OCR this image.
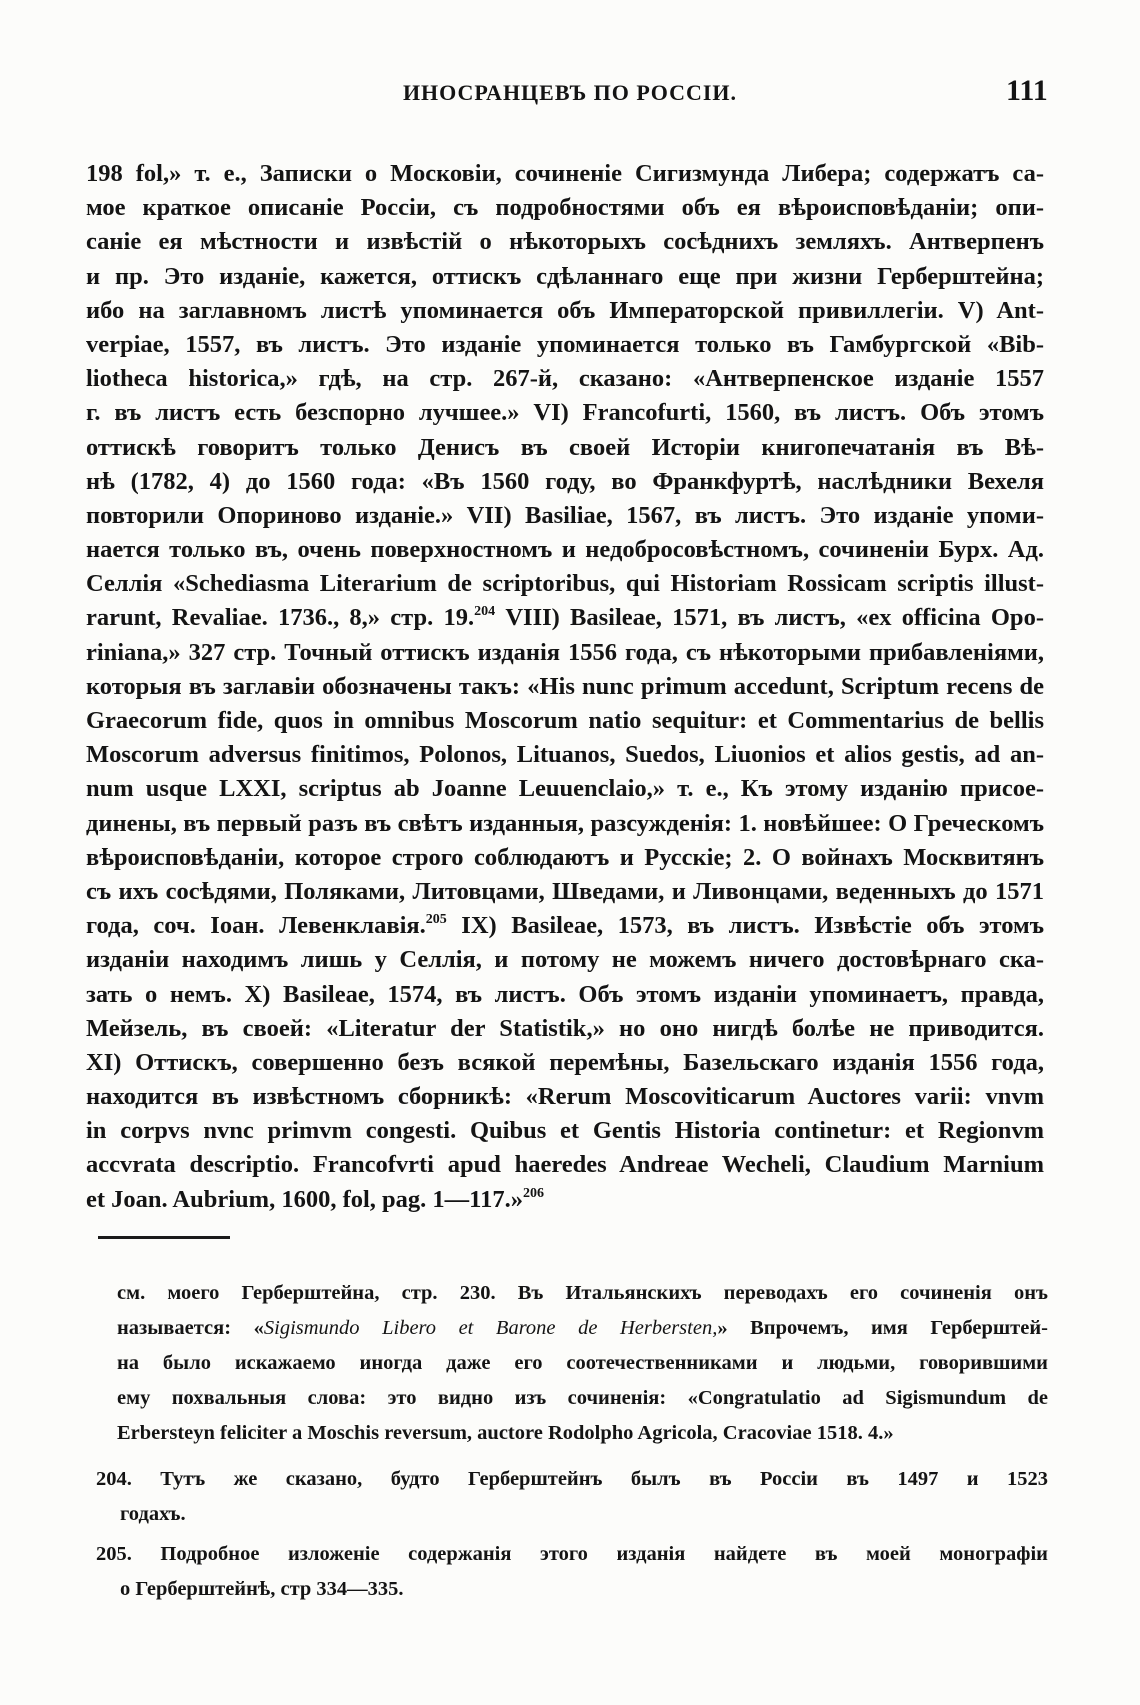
ИНОСРАНЦЕВЪ ПО РОССІИ.	111
198 fol,» т. е., Записки о Московіи, сочиненіе Сигизмунда Либера; содержатъ са-
мое краткое описаніе Россіи, съ подробностями объ ея вѣроисповѣданіи; опи-
саніе ея мѣстности и извѣстій о нѣкоторыхъ сосѣднихъ земляхъ. Антверпенъ
и пр. Это изданіе, кажется, оттискъ сдѣланнаго еще при жизни Герберштейна;
ибо на заглавномъ листѣ упоминается объ Императорской привиллегіи. V) Ant-
verpiae, 1557, въ листъ. Это изданіе упоминается только въ Гамбургской «Bib-
liotheca historica,» гдѣ, на стр. 267-й, сказано: «Антверпенское изданіе 1557
г. въ листъ есть безспорно лучшее.» VI) Francofurti, 1560, въ листъ. Объ этомъ
оттискѣ говоритъ только Денисъ въ своей Исторіи книгопечатанія въ Вѣ-
нѣ (1782, 4) до 1560 года: «Въ 1560 году, во Франкфуртѣ, наслѣдники Вехеля
повторили Опориново изданіе.» VII) Basiliae, 1567, въ листъ. Это изданіе упоми-
нается только въ, очень поверхностномъ и недобросовѣстномъ, сочиненіи Бурх. Ад.
Селлія «Schediasma Literarium de scriptoribus, qui Historiam Rossicam scriptis illust-
rarunt, Revaliae. 1736., 8,» стр. 19.$^{204}$ VIII) Basileae, 1571, въ листъ, «ex officina Opo-
riniana,» 327 стр. Точный оттискъ изданія 1556 года, съ нѣкоторыми прибавленіями,
которыя въ заглавіи обозначены такъ: «His nunc primum accedunt, Scriptum recens de
Graecorum fide, quos in omnibus Moscorum natio sequitur: et Commentarius de bellis
Moscorum adversus finitimos, Polonos, Lituanos, Suedos, Liuonios et alios gestis, ad an-
num usque LXXI, scriptus ab Joanne Leuuenclaio,» т. е., Къ этому изданію присое-
динены, въ первый разъ въ свѣтъ изданныя, разсужденія: 1. новѣйшее: О Греческомъ
вѣроисповѣданіи, которое строго соблюдаютъ и Русскіе; 2. О войнахъ Москвитянъ
съ ихъ сосѣдями, Поляками, Литовцами, Шведами, и Ливонцами, веденныхъ до 1571
года, соч. Іоан. Левенклавія.$^{205}$ IX) Basileae, 1573, въ листъ. Извѣстіе объ этомъ
изданіи находимъ лишь у Селлія, и потому не можемъ ничего достовѣрнаго ска-
зать о немъ. X) Basileae, 1574, въ листъ. Объ этомъ изданіи упоминаетъ, правда,
Мейзель, въ своей: «Literatur der Statistik,» но оно нигдѣ болѣе не приводится.
XI) Оттискъ, совершенно безъ всякой перемѣны, Базельскаго изданія 1556 года,
находится въ извѣстномъ сборникѣ: «Rerum Moscoviticarum Auctores varii: vnvm
in corpvs nvnc primvm congesti. Quibus et Gentis Historia continetur: et Regionvm
accvrata descriptio. Francofvrti apud haeredes Andreae Wecheli, Claudium Marnium
et Joan. Aubrium, 1600, fol, pag. 1—117.»$^{206}$
см. моего Герберштейна, стр. 230. Въ Итальянскихъ переводахъ его сочиненія онъ
называется: «Sigismundo Libero et Barone de Herbersten,» Впрочемъ, имя Герберштей-
на было искажаемо иногда даже его соотечественниками и людьми, говорившими
ему похвальныя слова: это видно изъ сочиненія: «Congratulatio ad Sigismundum de
Erbersteyn feliciter a Moschis reversum, auctore Rodolpho Agricola, Cracoviae 1518. 4.»
204. Тутъ же сказано, будто Герберштейнъ былъ въ Россіи въ 1497 и 1523
годахъ.
205. Подробное изложеніе содержанія этого изданія найдете въ моей монографіи
о Герберштейнѣ, стр 334—335.
